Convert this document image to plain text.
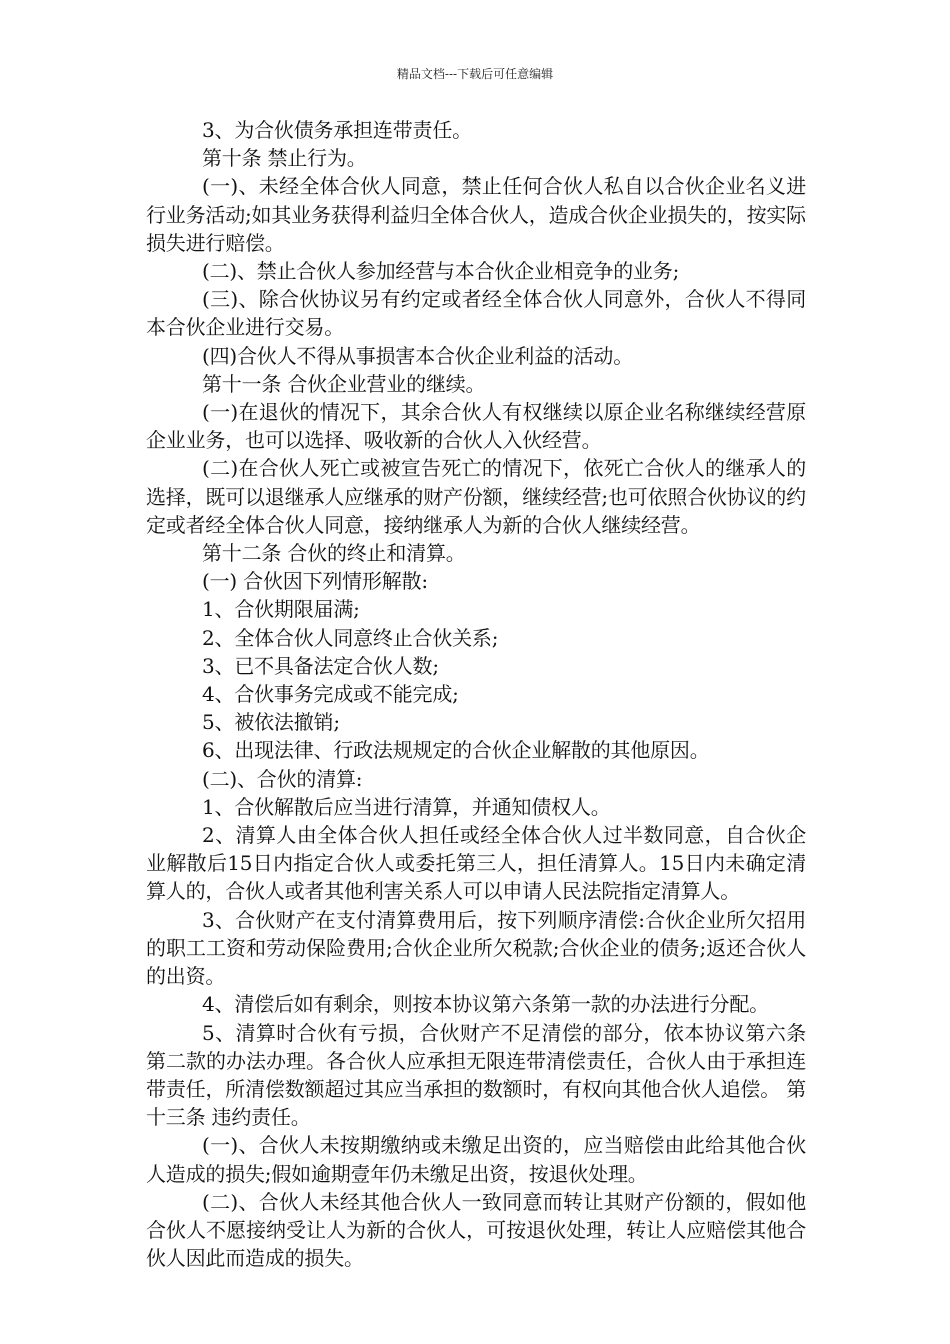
精品文档---下载后可任意编辑

3、为合伙债务承担连带责任。

第十条 禁止行为。

(一)、未经全体合伙人同意，禁止任何合伙人私自以合伙企业名义进行业务活动;如其业务获得利益归全体合伙人，造成合伙企业损失的，按实际损失进行赔偿。

(二)、禁止合伙人参加经营与本合伙企业相竞争的业务;

(三)、除合伙协议另有约定或者经全体合伙人同意外，合伙人不得同本合伙企业进行交易。

(四)合伙人不得从事损害本合伙企业利益的活动。

第十一条 合伙企业营业的继续。

(一)在退伙的情况下，其余合伙人有权继续以原企业名称继续经营原企业业务，也可以选择、吸收新的合伙人入伙经营。

(二)在合伙人死亡或被宣告死亡的情况下，依死亡合伙人的继承人的选择，既可以退继承人应继承的财产份额，继续经营;也可依照合伙协议的约定或者经全体合伙人同意，接纳继承人为新的合伙人继续经营。

第十二条 合伙的终止和清算。

(一) 合伙因下列情形解散:

1、合伙期限届满;

2、全体合伙人同意终止合伙关系;

3、已不具备法定合伙人数;

4、合伙事务完成或不能完成;

5、被依法撤销;

6、出现法律、行政法规规定的合伙企业解散的其他原因。

(二)、合伙的清算:

1、合伙解散后应当进行清算，并通知债权人。

2、清算人由全体合伙人担任或经全体合伙人过半数同意，自合伙企业解散后15日内指定合伙人或委托第三人，担任清算人。15日内未确定清算人的，合伙人或者其他利害关系人可以申请人民法院指定清算人。

3、合伙财产在支付清算费用后，按下列顺序清偿:合伙企业所欠招用的职工工资和劳动保险费用;合伙企业所欠税款;合伙企业的债务;返还合伙人的出资。

4、清偿后如有剩余，则按本协议第六条第一款的办法进行分配。

5、清算时合伙有亏损，合伙财产不足清偿的部分，依本协议第六条第二款的办法办理。各合伙人应承担无限连带清偿责任，合伙人由于承担连带责任，所清偿数额超过其应当承担的数额时，有权向其他合伙人追偿。 第十三条 违约责任。

(一)、合伙人未按期缴纳或未缴足出资的，应当赔偿由此给其他合伙人造成的损失;假如逾期壹年仍未缴足出资，按退伙处理。

(二)、合伙人未经其他合伙人一致同意而转让其财产份额的，假如他合伙人不愿接纳受让人为新的合伙人，可按退伙处理，转让人应赔偿其他合伙人因此而造成的损失。
